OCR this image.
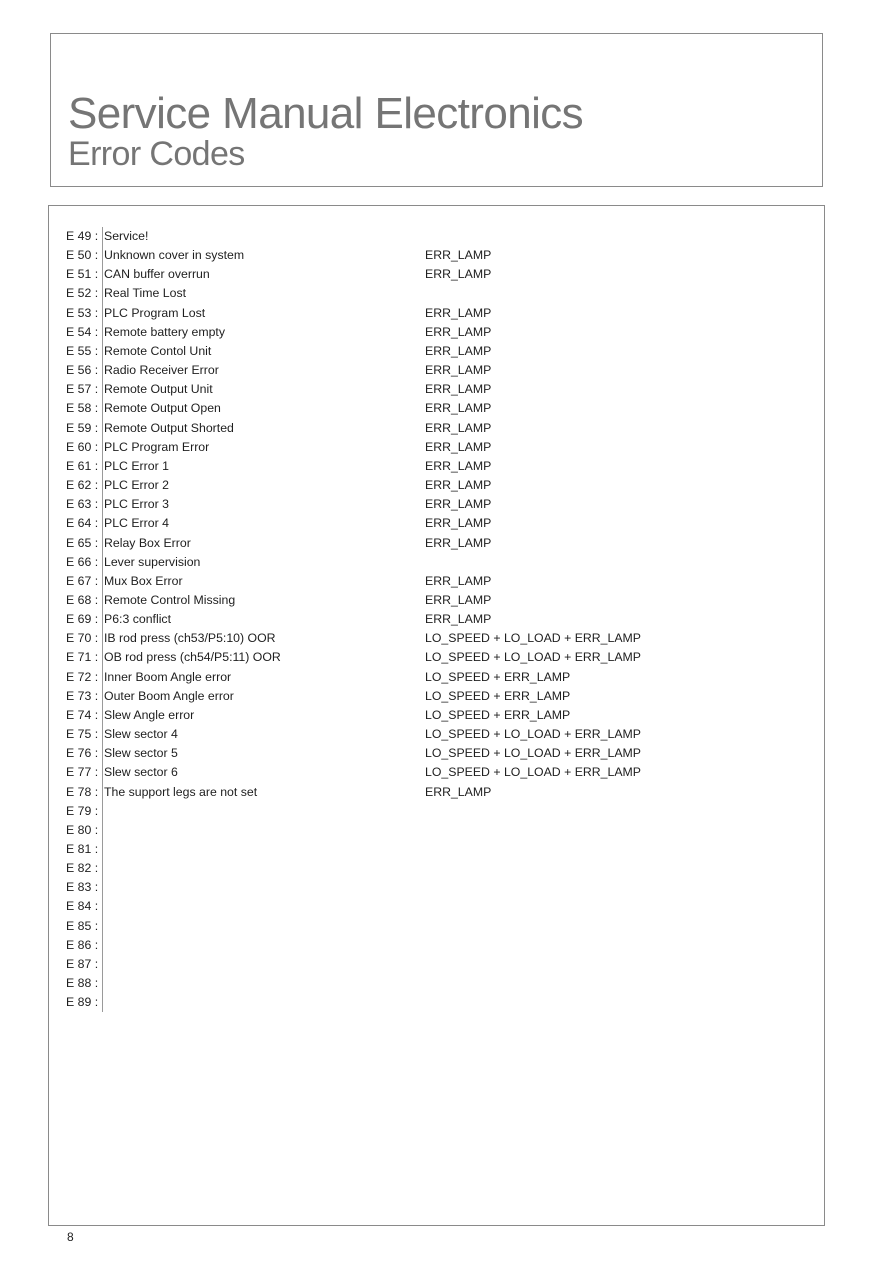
Service Manual Electronics
Error Codes
E 49 : Service!
E 50 : Unknown cover in system	ERR_LAMP
E 51 : CAN buffer overrun	ERR_LAMP
E 52 : Real Time Lost
E 53 : PLC Program Lost	ERR_LAMP
E 54 : Remote battery empty	ERR_LAMP
E 55 : Remote Contol Unit	ERR_LAMP
E 56 : Radio Receiver Error	ERR_LAMP
E 57 : Remote Output Unit	ERR_LAMP
E 58 : Remote Output Open	ERR_LAMP
E 59 : Remote Output Shorted	ERR_LAMP
E 60 : PLC Program Error	ERR_LAMP
E 61 : PLC Error 1	ERR_LAMP
E 62 : PLC Error 2	ERR_LAMP
E 63 : PLC Error 3	ERR_LAMP
E 64 : PLC Error 4	ERR_LAMP
E 65 : Relay Box Error	ERR_LAMP
E 66 : Lever supervision
E 67 : Mux Box Error	ERR_LAMP
E 68 : Remote Control Missing	ERR_LAMP
E 69 : P6:3 conflict	ERR_LAMP
E 70 : IB rod press (ch53/P5:10) OOR	LO_SPEED + LO_LOAD + ERR_LAMP
E 71 : OB rod press (ch54/P5:11) OOR	LO_SPEED + LO_LOAD + ERR_LAMP
E 72 : Inner Boom Angle error	LO_SPEED + ERR_LAMP
E 73 : Outer Boom Angle error	LO_SPEED + ERR_LAMP
E 74 : Slew Angle error	LO_SPEED + ERR_LAMP
E 75 : Slew sector 4	LO_SPEED + LO_LOAD + ERR_LAMP
E 76 : Slew sector 5	LO_SPEED + LO_LOAD + ERR_LAMP
E 77 : Slew sector 6	LO_SPEED + LO_LOAD + ERR_LAMP
E 78 : The support legs are not set	ERR_LAMP
E 79 :
E 80 :
E 81 :
E 82 :
E 83 :
E 84 :
E 85 :
E 86 :
E 87 :
E 88 :
E 89 :
8
